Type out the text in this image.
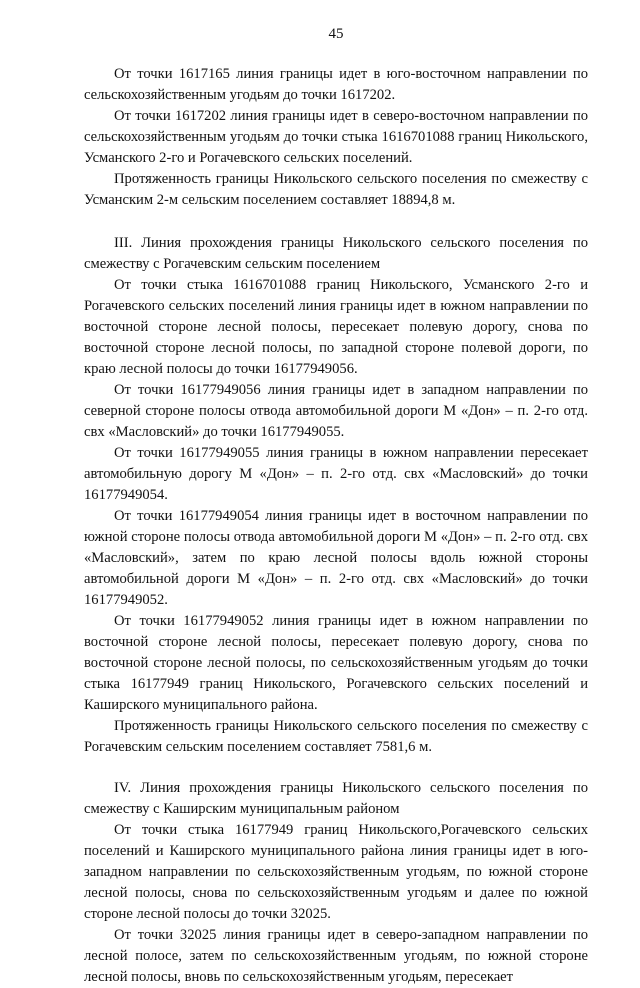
45

От точки 1617165 линия границы идет в юго-восточном направлении по сельскохозяйственным угодьям до точки 1617202.

От точки 1617202 линия границы идет в северо-восточном направлении по сельскохозяйственным угодьям до точки стыка 1616701088 границ Никольского, Усманского 2-го и Рогачевского сельских поселений.

Протяженность границы Никольского сельского поселения по смежеству с Усманским 2-м сельским поселением составляет 18894,8 м.

III. Линия прохождения границы Никольского сельского поселения по смежеству с Рогачевским сельским поселением

От точки стыка 1616701088 границ Никольского, Усманского 2-го и Рогачевского сельских поселений линия границы идет в южном направлении по восточной стороне лесной полосы, пересекает полевую дорогу, снова по восточной стороне лесной полосы, по западной стороне полевой дороги, по краю лесной полосы до точки 16177949056.

От точки 16177949056 линия границы идет в западном направлении по северной стороне полосы отвода автомобильной дороги М «Дон» – п. 2-го отд. свх «Масловский» до точки 16177949055.

От точки 16177949055 линия границы в южном направлении пересекает автомобильную дорогу М «Дон» – п. 2-го отд. свх «Масловский» до точки 16177949054.

От точки 16177949054 линия границы идет в восточном направлении по южной стороне полосы отвода автомобильной дороги М «Дон» – п. 2-го отд. свх «Масловский», затем по краю лесной полосы вдоль южной стороны автомобильной дороги М «Дон» – п. 2-го отд. свх «Масловский» до точки 16177949052.

От точки 16177949052 линия границы идет в южном направлении по восточной стороне лесной полосы, пересекает полевую дорогу, снова по восточной стороне лесной полосы, по сельскохозяйственным угодьям до точки стыка 16177949 границ Никольского, Рогачевского сельских поселений и Каширского муниципального района.

Протяженность границы Никольского сельского поселения по смежеству с Рогачевским сельским поселением составляет 7581,6 м.

IV. Линия прохождения границы Никольского сельского поселения по смежеству с Каширским муниципальным районом

От точки стыка 16177949 границ Никольского,Рогачевского сельских поселений и Каширского муниципального района линия границы идет в юго-западном направлении по сельскохозяйственным угодьям, по южной стороне лесной полосы, снова по сельскохозяйственным угодьям и далее по южной стороне лесной полосы до точки 32025.

От точки 32025 линия границы идет в северо-западном направлении по лесной полосе, затем по сельскохозяйственным угодьям, по южной стороне лесной полосы, вновь по сельскохозяйственным угодьям, пересекает
